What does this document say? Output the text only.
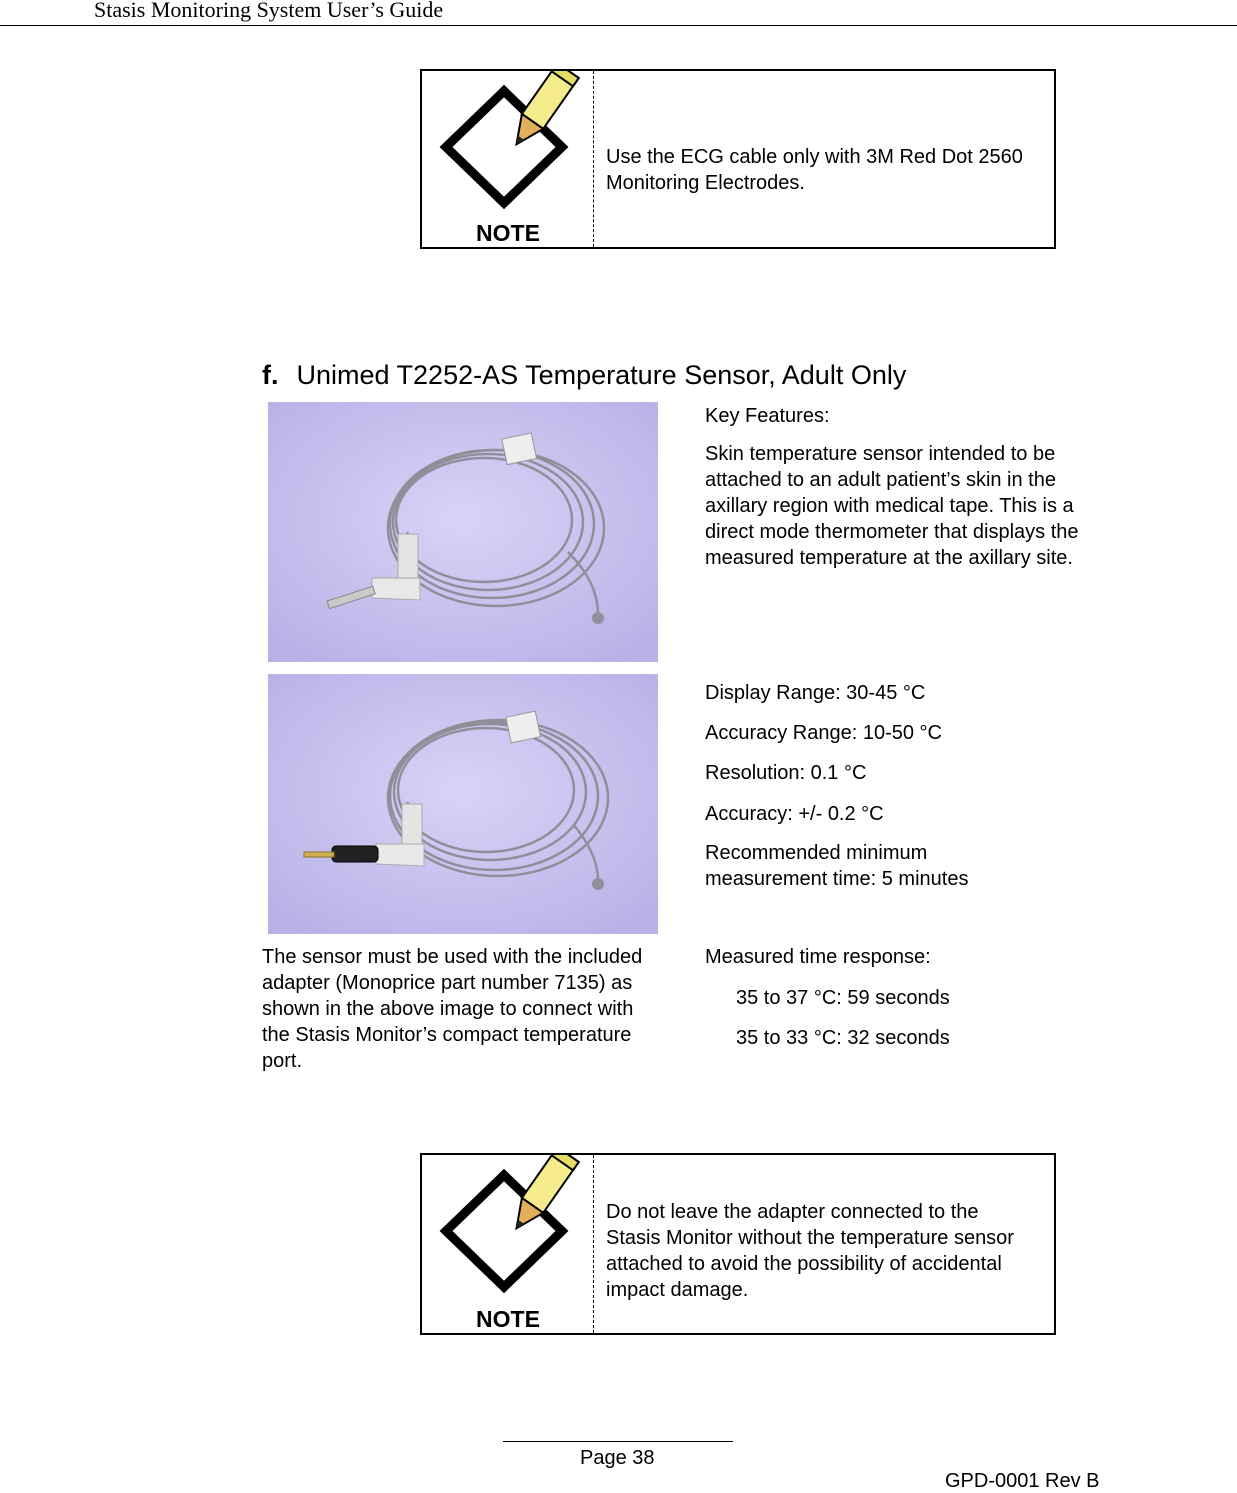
Stasis Monitoring System User’s Guide
NOTE
Use the ECG cable only with 3M Red Dot 2560 Monitoring Electrodes.
f. Unimed T2252-AS Temperature Sensor, Adult Only
Key Features:
Skin temperature sensor intended to be attached to an adult patient’s skin in the axillary region with medical tape. This is a direct mode thermometer that displays the measured temperature at the axillary site.
Display Range: 30-45 °C
Accuracy Range: 10-50 °C
Resolution: 0.1 °C
Accuracy: +/- 0.2 °C
Recommended minimum measurement time: 5 minutes
The sensor must be used with the included adapter (Monoprice part number 7135) as shown in the above image to connect with the Stasis Monitor’s compact temperature port.
Measured time response:
35 to 37 °C: 59 seconds
35 to 33 °C: 32 seconds
NOTE
Do not leave the adapter connected to the Stasis Monitor without the temperature sensor attached to avoid the possibility of accidental impact damage.
Page 38
GPD-0001 Rev B
